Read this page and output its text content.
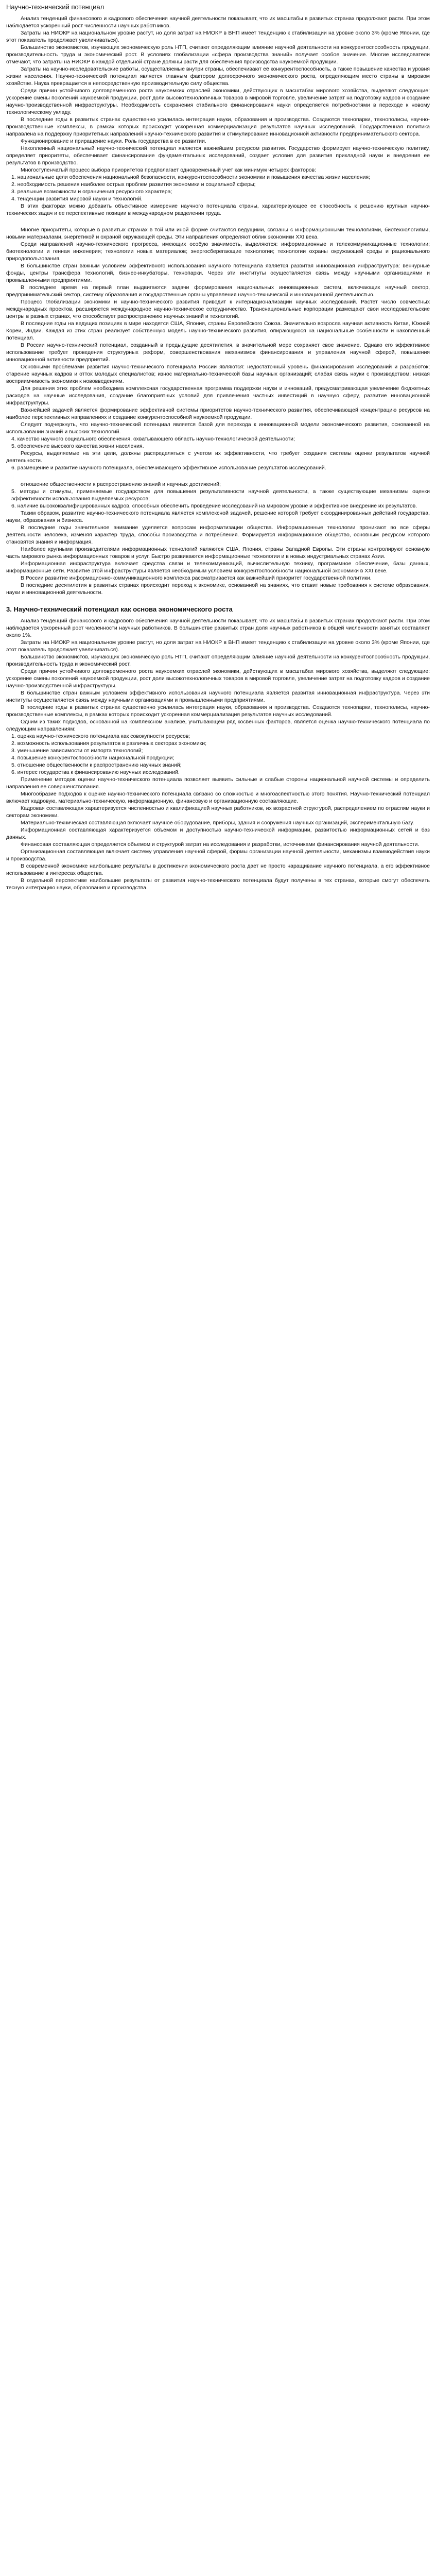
Научно-технический потенциал

Анализ тенденций финансового и кадрового обеспечения научной деятельности показывает, что их масштабы в развитых странах продолжают расти. При этом наблюдается ускоренный рост численности научных работников.

Затраты на НИОКР на национальном уровне растут, но доля затрат на НИОКР в ВНП имеет тенденцию к стабилизации на уровне около 3% (кроме Японии, где этот показатель продолжает увеличиваться).

Большинство экономистов, изучающих экономическую роль НТП, считают определяющим влияние научной деятельности на конкурентоспособность продукции, производительность труда и экономический рост. В условиях глобализации «сфера производства знаний» получает особое значение. Многие исследователи отмечают, что затраты на НИОКР в каждой отдельной стране должны расти для обеспечения производства наукоемкой продукции.

Затраты на научно-исследовательские работы, осуществляемые внутри страны, обеспечивают её конкурентоспособность, а также повышение качества и уровня жизни населения. Научно-технический потенциал является главным фактором долгосрочного экономического роста, определяющим место страны в мировом хозяйстве. Наука превращается в непосредственную производительную силу общества.

Среди причин устойчивого долговременного роста наукоемких отраслей экономики, действующих в масштабах мирового хозяйства, выделяют следующие: ускорение смены поколений наукоемкой продукции, рост доли высокотехнологичных товаров в мировой торговле, увеличение затрат на подготовку кадров и создание научно-производственной инфраструктуры. Необходимость сохранения стабильного финансирования науки определяется потребностями в переходе к новому технологическому укладу.

В последние годы в развитых странах существенно усилилась интеграция науки, образования и производства. Создаются технопарки, технополисы, научно-производственные комплексы, в рамках которых происходит ускоренная коммерциализация результатов научных исследований. Государственная политика направлена на поддержку приоритетных направлений научно-технического развития и стимулирование инновационной активности предпринимательского сектора.

Функционирование и приращение науки. Роль государства в ее развитии.

Накопленный национальный научно-технический потенциал является важнейшим ресурсом развития. Государство формирует научно-техническую политику, определяет приоритеты, обеспечивает финансирование фундаментальных исследований, создает условия для развития прикладной науки и внедрения ее результатов в производство.

Многоступенчатый процесс выбора приоритетов предполагает одновременный учет как минимум четырех факторов:

1. национальные цели обеспечения национальной безопасности, конкурентоспособности экономики и повышения качества жизни населения;

2. необходимость решения наиболее острых проблем развития экономики и социальной сферы;

3. реальные возможности и ограничения ресурсного характера;

4. тенденции развития мировой науки и технологий.

В этих факторах можно добавить объективное измерение научного потенциала страны, характеризующее ее способность к решению крупных научно-технических задач и ее перспективные позиции в международном разделении труда.

Многие приоритеты, которые в развитых странах в той или иной форме считаются ведущими, связаны с информационными технологиями, биотехнологиями, новыми материалами, энергетикой и охраной окружающей среды. Эти направления определяют облик экономики XXI века.

Среди направлений научно-технического прогресса, имеющих особую значимость, выделяются: информационные и телекоммуникационные технологии; биотехнологии и генная инженерия; технологии новых материалов; энергосберегающие технологии; технологии охраны окружающей среды и рационального природопользования.

В большинстве стран важным условием эффективного использования научного потенциала является развитая инновационная инфраструктура: венчурные фонды, центры трансфера технологий, бизнес-инкубаторы, технопарки. Через эти институты осуществляется связь между научными организациями и промышленными предприятиями.

В последнее время на первый план выдвигаются задачи формирования национальных инновационных систем, включающих научный сектор, предпринимательский сектор, систему образования и государственные органы управления научно-технической и инновационной деятельностью.

Процесс глобализации экономики и научно-технического развития приводит к интернационализации научных исследований. Растет число совместных международных проектов, расширяется международное научно-техническое сотрудничество. Транснациональные корпорации размещают свои исследовательские центры в разных странах, что способствует распространению научных знаний и технологий.

В последние годы на ведущих позициях в мире находятся США, Япония, страны Европейского Союза. Значительно возросла научная активность Китая, Южной Кореи, Индии. Каждая из этих стран реализует собственную модель научно-технического развития, опирающуюся на национальные особенности и накопленный потенциал.

В России научно-технический потенциал, созданный в предыдущие десятилетия, в значительной мере сохраняет свое значение. Однако его эффективное использование требует проведения структурных реформ, совершенствования механизмов финансирования и управления научной сферой, повышения инновационной активности предприятий.

Основными проблемами развития научно-технического потенциала России являются: недостаточный уровень финансирования исследований и разработок; старение научных кадров и отток молодых специалистов; износ материально-технической базы научных организаций; слабая связь науки с производством; низкая восприимчивость экономики к нововведениям.

Для решения этих проблем необходима комплексная государственная программа поддержки науки и инноваций, предусматривающая увеличение бюджетных расходов на научные исследования, создание благоприятных условий для привлечения частных инвестиций в научную сферу, развитие инновационной инфраструктуры.

Важнейшей задачей является формирование эффективной системы приоритетов научно-технического развития, обеспечивающей концентрацию ресурсов на наиболее перспективных направлениях и создание конкурентоспособной наукоемкой продукции.

Следует подчеркнуть, что научно-технический потенциал является базой для перехода к инновационной модели экономического развития, основанной на использовании знаний и высоких технологий.

4. качество научного социального обеспечения, охватывающего область научно-технологической деятельности;

5. обеспечение высокого качества жизни населения.

Ресурсы, выделяемые на эти цели, должны распределяться с учетом их эффективности, что требует создания системы оценки результатов научной деятельности.

6. размещение и развитие научного потенциала, обеспечивающего эффективное использование результатов исследований.

отношение общественности к распространению знаний и научных достижений;

5. методы и стимулы, применяемые государством для повышения результативности научной деятельности, а также существующие механизмы оценки эффективности использования выделяемых ресурсов;

6. наличие высококвалифицированных кадров, способных обеспечить проведение исследований на мировом уровне и эффективное внедрение их результатов.

Таким образом, развитие научно-технического потенциала является комплексной задачей, решение которой требует скоординированных действий государства, науки, образования и бизнеса.

В последние годы значительное внимание уделяется вопросам информатизации общества. Информационные технологии проникают во все сферы деятельности человека, изменяя характер труда, способы производства и потребления. Формируется информационное общество, основным ресурсом которого становятся знания и информация.

Наиболее крупными производителями информационных технологий являются США, Япония, страны Западной Европы. Эти страны контролируют основную часть мирового рынка информационных товаров и услуг. Быстро развиваются информационные технологии и в новых индустриальных странах Азии.

Информационная инфраструктура включает средства связи и телекоммуникаций, вычислительную технику, программное обеспечение, базы данных, информационные сети. Развитие этой инфраструктуры является необходимым условием конкурентоспособности национальной экономики в XXI веке.

В России развитие информационно-коммуникационного комплекса рассматривается как важнейший приоритет государственной политики.

В последние десятилетия в развитых странах происходит переход к экономике, основанной на знаниях, что ставит новые требования к системе образования, науки и инновационной деятельности.

3. Научно-технический потенциал как основа экономического роста

Анализ тенденций финансового и кадрового обеспечения научной деятельности показывает, что их масштабы в развитых странах продолжают расти. При этом наблюдается ускоренный рост численности научных работников. В большинстве развитых стран доля научных работников в общей численности занятых составляет около 1%.

Затраты на НИОКР на национальном уровне растут, но доля затрат на НИОКР в ВНП имеет тенденцию к стабилизации на уровне около 3% (кроме Японии, где этот показатель продолжает увеличиваться).

Большинство экономистов, изучающих экономическую роль НТП, считают определяющим влияние научной деятельности на конкурентоспособность продукции, производительность труда и экономический рост.

Среди причин устойчивого долговременного роста наукоемких отраслей экономики, действующих в масштабах мирового хозяйства, выделяют следующие: ускорение смены поколений наукоемкой продукции, рост доли высокотехнологичных товаров в мировой торговле, увеличение затрат на подготовку кадров и создание научно-производственной инфраструктуры.

В большинстве стран важным условием эффективного использования научного потенциала является развитая инновационная инфраструктура. Через эти институты осуществляется связь между научными организациями и промышленными предприятиями.

В последние годы в развитых странах существенно усилилась интеграция науки, образования и производства. Создаются технопарки, технополисы, научно-производственные комплексы, в рамках которых происходит ускоренная коммерциализация результатов научных исследований.

Одним из таких подходов, основанной на комплексном анализе, учитывающем ряд косвенных факторов, является оценка научно-технического потенциала по следующим направлениям:

1. оценка научно-технического потенциала как совокупности ресурсов;

2. возможность использования результатов в различных секторах экономики;

3. уменьшение зависимости от импорта технологий;

4. повышение конкурентоспособности национальной продукции;

5. отношение общественности к распространению научных знаний;

6. интерес государства к финансированию научных исследований.

Применение методов оценки научно-технического потенциала позволяет выявить сильные и слабые стороны национальной научной системы и определить направления ее совершенствования.

Многообразие подходов к оценке научно-технического потенциала связано со сложностью и многоаспектностью этого понятия. Научно-технический потенциал включает кадровую, материально-техническую, информационную, финансовую и организационную составляющие.

Кадровая составляющая характеризуется численностью и квалификацией научных работников, их возрастной структурой, распределением по отраслям науки и секторам экономики.

Материально-техническая составляющая включает научное оборудование, приборы, здания и сооружения научных организаций, экспериментальную базу.

Информационная составляющая характеризуется объемом и доступностью научно-технической информации, развитостью информационных сетей и баз данных.

Финансовая составляющая определяется объемом и структурой затрат на исследования и разработки, источниками финансирования научной деятельности.

Организационная составляющая включает систему управления научной сферой, формы организации научной деятельности, механизмы взаимодействия науки и производства.

В современной экономике наибольшие результаты в достижении экономического роста дает не просто наращивание научного потенциала, а его эффективное использование в интересах общества.

В отдельной перспективе наибольшие результаты от развития научно-технического потенциала будут получены в тех странах, которые смогут обеспечить тесную интеграцию науки, образования и производства.
